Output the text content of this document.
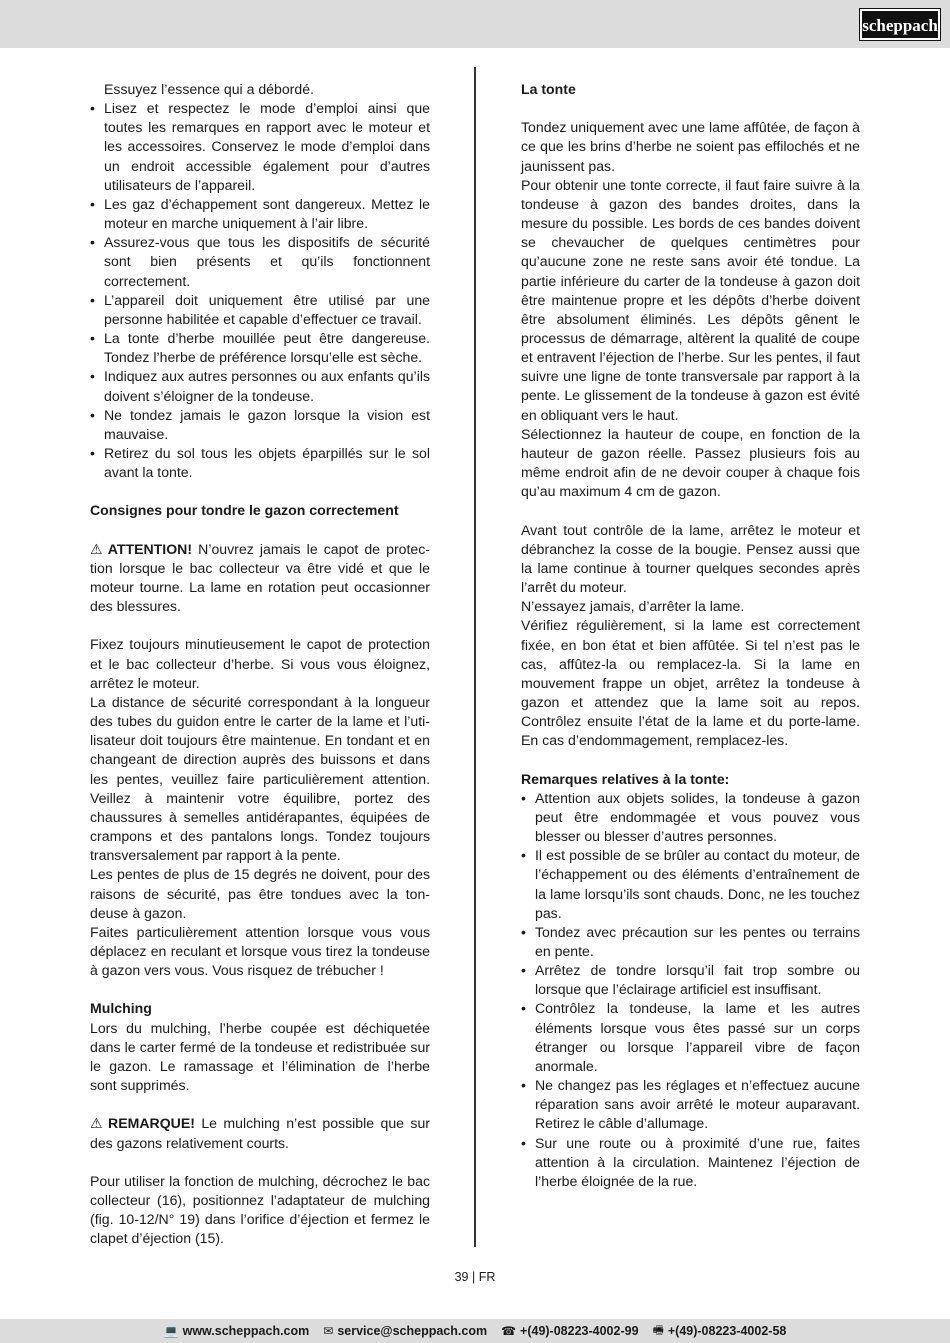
scheppach

Essuyez l’essence qui a débordé.

• Lisez et respectez le mode d’emploi ainsi que toutes les remarques en rapport avec le moteur et les accessoires. Conservez le mode d’emploi dans un endroit accessible également pour d’autres utilisateurs de l’appareil.
• Les gaz d’échappement sont dangereux. Mettez le moteur en marche uniquement à l’air libre.
• Assurez-vous que tous les dispositifs de sécurité sont bien présents et qu’ils fonctionnent correctement.
• L’appareil doit uniquement être utilisé par une personne habilitée et capable d’effectuer ce travail.
• La tonte d’herbe mouillée peut être dangereuse. Tondez l’herbe de préférence lorsqu’elle est sèche.
• Indiquez aux autres personnes ou aux enfants qu’ils doivent s’éloigner de la tondeuse.
• Ne tondez jamais le gazon lorsque la vision est mauvaise.
• Retirez du sol tous les objets éparpillés sur le sol avant la tonte.

Consignes pour tondre le gazon correctement

⚠ ATTENTION! N’ouvrez jamais le capot de protection lorsque le bac collecteur va être vidé et que le moteur tourne. La lame en rotation peut occasionner des blessures.

Fixez toujours minutieusement le capot de protection et le bac collecteur d’herbe. Si vous vous éloignez, arrêtez le moteur.

La distance de sécurité correspondant à la longueur des tubes du guidon entre le carter de la lame et l’utilisateur doit toujours être maintenue. En tondant et en changeant de direction auprès des buissons et dans les pentes, veuillez faire particulièrement attention. Veillez à maintenir votre équilibre, portez des chaussures à semelles antidérapantes, équipées de crampons et des pantalons longs. Tondez toujours transversalement par rapport à la pente.

Les pentes de plus de 15 degrés ne doivent, pour des raisons de sécurité, pas être tondues avec la tondeuse à gazon.

Faites particulièrement attention lorsque vous vous déplacez en reculant et lorsque vous tirez la tondeuse à gazon vers vous. Vous risquez de trébucher !

Mulching

Lors du mulching, l’herbe coupée est déchiquetée dans le carter fermé de la tondeuse et redistribuée sur le gazon. Le ramassage et l’élimination de l’herbe sont supprimés.

⚠ REMARQUE! Le mulching n’est possible que sur des gazons relativement courts.

Pour utiliser la fonction de mulching, décrochez le bac collecteur (16), positionnez l’adaptateur de mulching (fig. 10-12/N° 19) dans l’orifice d’éjection et fermez le clapet d’éjection (15).

La tonte

Tondez uniquement avec une lame affûtée, de façon à ce que les brins d’herbe ne soient pas effilochés et ne jaunissent pas.

Pour obtenir une tonte correcte, il faut faire suivre à la tondeuse à gazon des bandes droites, dans la mesure du possible. Les bords de ces bandes doivent se chevaucher de quelques centimètres pour qu’aucune zone ne reste sans avoir été tondue. La partie inférieure du carter de la tondeuse à gazon doit être maintenue propre et les dépôts d’herbe doivent être absolument éliminés. Les dépôts gênent le processus de démarrage, altèrent la qualité de coupe et entravent l’éjection de l’herbe. Sur les pentes, il faut suivre une ligne de tonte transversale par rapport à la pente. Le glissement de la tondeuse à gazon est évité en obliquant vers le haut.

Sélectionnez la hauteur de coupe, en fonction de la hauteur de gazon réelle. Passez plusieurs fois au même endroit afin de ne devoir couper à chaque fois qu’au maximum 4 cm de gazon.

Avant tout contrôle de la lame, arrêtez le moteur et débranchez la cosse de la bougie. Pensez aussi que la lame continue à tourner quelques secondes après l’arrêt du moteur.

N’essayez jamais, d’arrêter la lame.

Vérifiez régulièrement, si la lame est correctement fixée, en bon état et bien affûtée. Si tel n’est pas le cas, affûtez-la ou remplacez-la. Si la lame en mouvement frappe un objet, arrêtez la tondeuse à gazon et attendez que la lame soit au repos. Contrôlez ensuite l’état de la lame et du porte-lame. En cas d’endommagement, remplacez-les.

Remarques relatives à la tonte:

• Attention aux objets solides, la tondeuse à gazon peut être endommagée et vous pouvez vous blesser ou blesser d’autres personnes.
• Il est possible de se brûler au contact du moteur, de l’échappement ou des éléments d’entraînement de la lame lorsqu’ils sont chauds. Donc, ne les touchez pas.
• Tondez avec précaution sur les pentes ou terrains en pente.
• Arrêtez de tondre lorsqu’il fait trop sombre ou lorsque que l’éclairage artificiel est insuffisant.
• Contrôlez la tondeuse, la lame et les autres éléments lorsque vous êtes passé sur un corps étranger ou lorsque l’appareil vibre de façon anormale.
• Ne changez pas les réglages et n’effectuez aucune réparation sans avoir arrêté le moteur auparavant. Retirez le câble d’allumage.
• Sur une route ou à proximité d’une rue, faites attention à la circulation. Maintenez l’éjection de l’herbe éloignée de la rue.
39 | FR
💻 www.scheppach.com ✉ service@scheppach.com ☎ +(49)-08223-4002-99 🖷 +(49)-08223-4002-58
